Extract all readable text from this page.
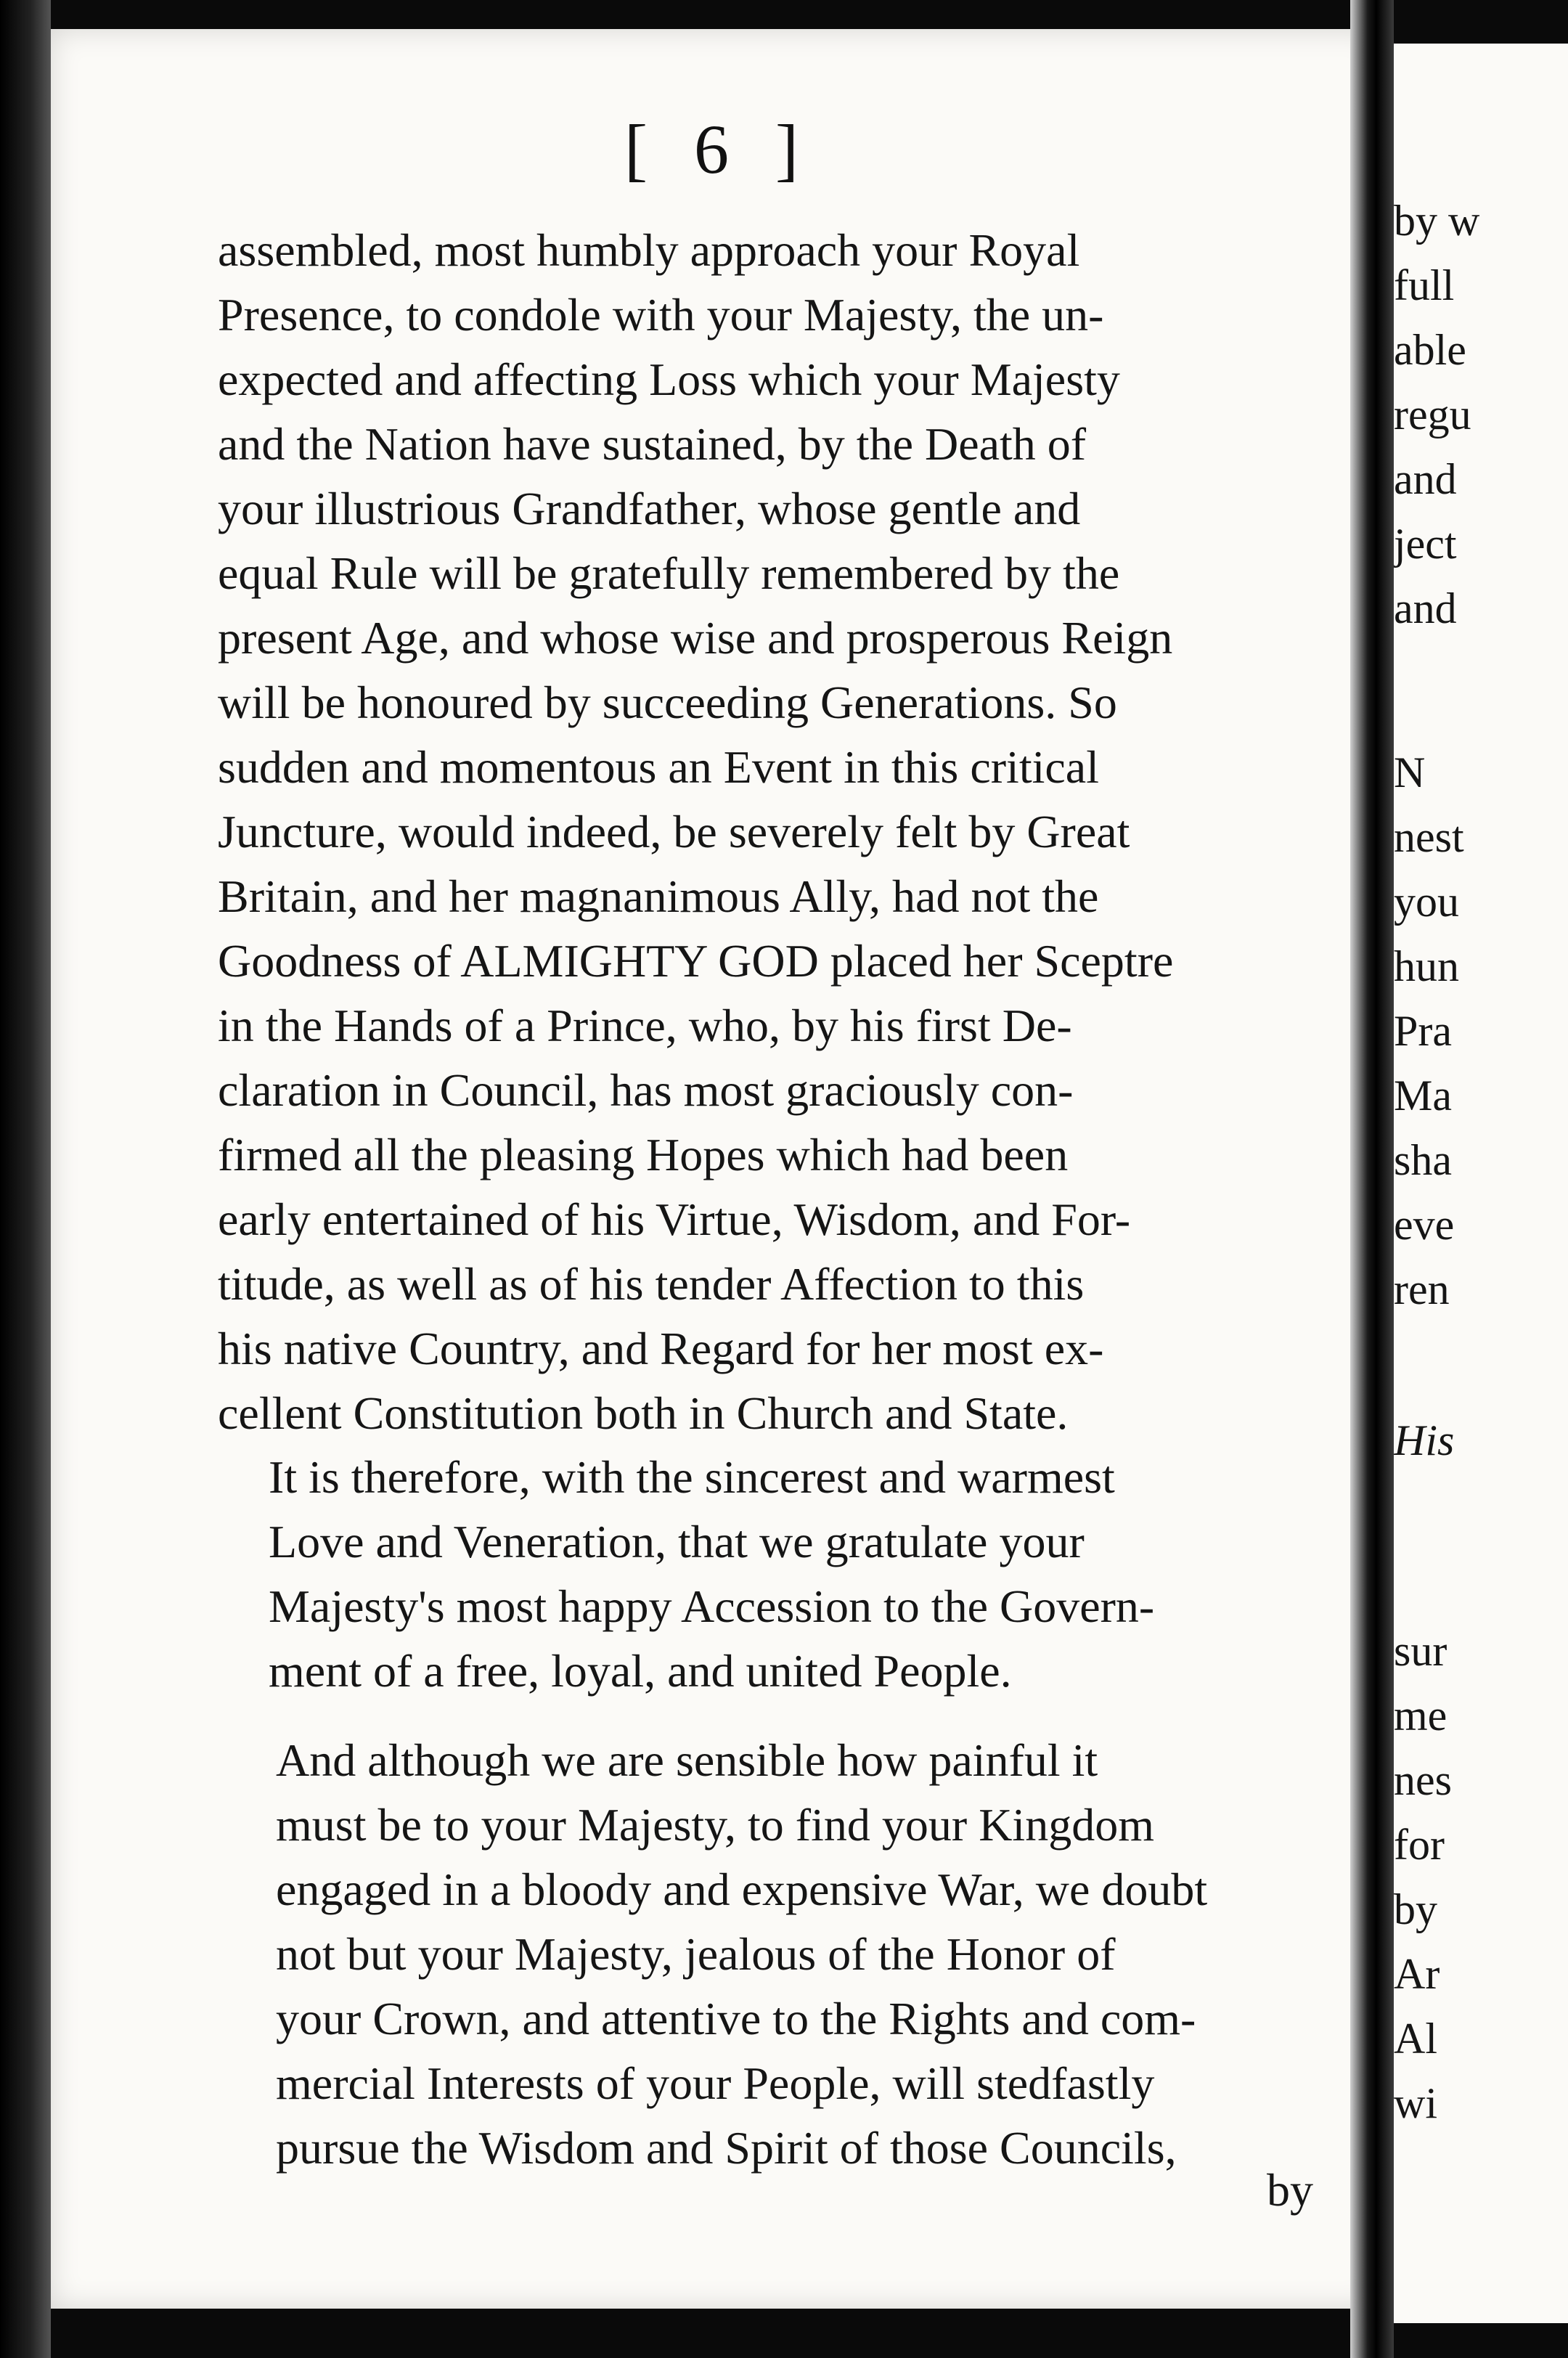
[ 6 ]

assembled, most humbly approach your Royal
Presence, to condole with your Majesty, the un-
expected and affecting Loss which your Majesty
and the Nation have sustained, by the Death of
your illustrious Grandfather, whose gentle and
equal Rule will be gratefully remembered by the
present Age, and whose wise and prosperous Reign
will be honoured by succeeding Generations. So
sudden and momentous an Event in this critical
Juncture, would indeed, be severely felt by Great
Britain, and her magnanimous Ally, had not the
Goodness of ALMIGHTY GOD placed her Sceptre
in the Hands of a Prince, who, by his first De-
claration in Council, has most graciously con-
firmed all the pleasing Hopes which had been
early entertained of his Virtue, Wisdom, and For-
titude, as well as of his tender Affection to this
his native Country, and Regard for her most ex-
cellent Constitution both in Church and State.

It is therefore, with the sincerest and warmest
Love and Veneration, that we gratulate your
Majesty's most happy Accession to the Govern-
ment of a free, loyal, and united People.

And although we are sensible how painful it
must be to your Majesty, to find your Kingdom
engaged in a bloody and expensive War, we doubt
not but your Majesty, jealous of the Honor of
your Crown, and attentive to the Rights and com-
mercial Interests of your People, will stedfastly
pursue the Wisdom and Spirit of those Councils,

by
by w
full
able
regu
and
ject
and
N
nest
you
hun
Pra
Ma
sha
eve
ren
His
sur
me
nes
for
by
Ar
Al
wi
